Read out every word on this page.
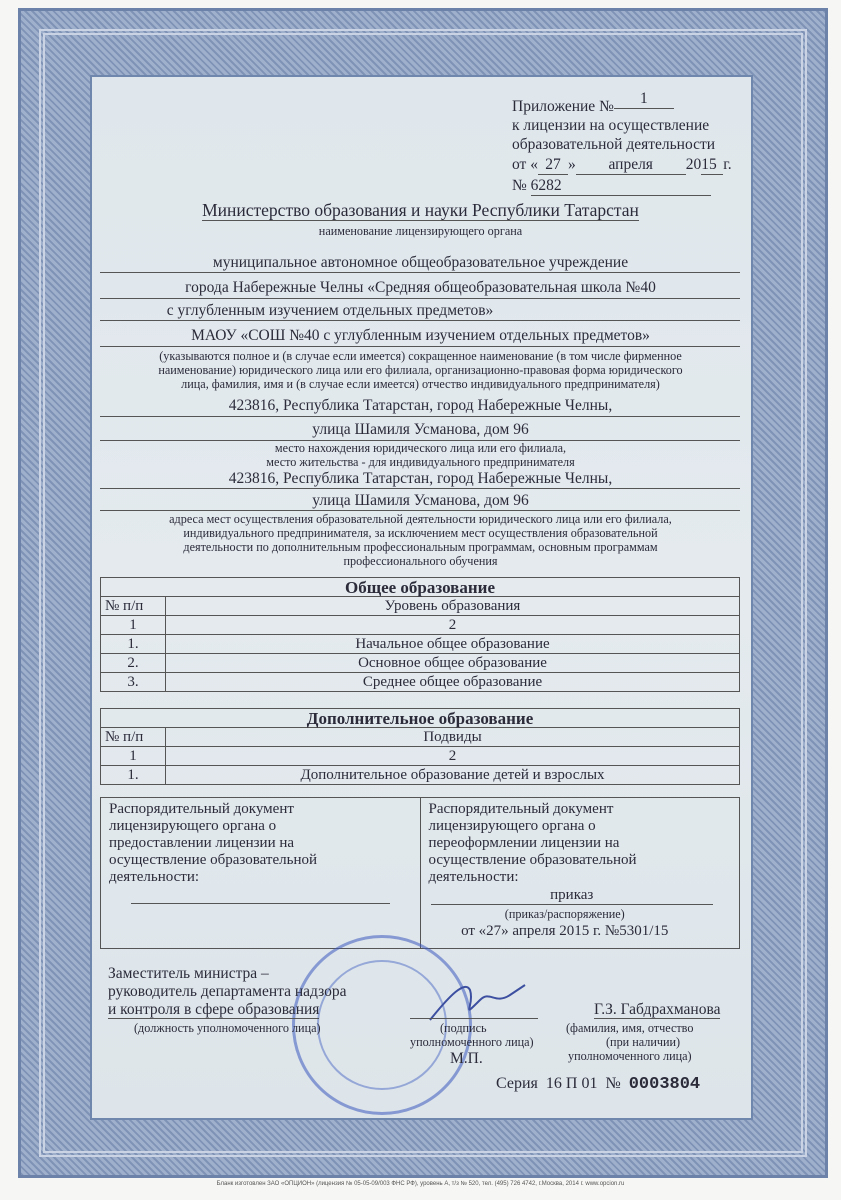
Приложение № 1
к лицензии на осуществление
образовательной деятельности
от « 27 » апреля 2015 г.
№ 6282
Министерство образования и науки Республики Татарстан
наименование лицензирующего органа
муниципальное автономное общеобразовательное учреждение
города Набережные Челны «Средняя общеобразовательная школа №40
с углубленным изучением отдельных предметов»
МАОУ «СОШ №40 с углубленным изучением отдельных предметов»
(указываются полное и (в случае если имеется) сокращенное наименование (в том числе фирменное
наименование) юридического лица или его филиала, организационно-правовая форма юридического
лица, фамилия, имя и (в случае если имеется) отчество индивидуального предпринимателя)
423816, Республика Татарстан, город Набережные Челны,
улица Шамиля Усманова, дом 96
место нахождения юридического лица или его филиала,
место жительства - для индивидуального предпринимателя
423816, Республика Татарстан, город Набережные Челны,
улица Шамиля Усманова, дом 96
адреса мест осуществления образовательной деятельности юридического лица или его филиала,
индивидуального предпринимателя, за исключением мест осуществления образовательной
деятельности по дополнительным профессиональным программам, основным программам
профессионального обучения
Общее образование	
№ п/п	Уровень образования
1	2
1.	Начальное общее образование
2.	Основное общее образование
3.	Среднее общее образование
Дополнительное образование	
№ п/п	Подвиды
1	2
1.	Дополнительное образование детей и взрослых
Распорядительный документ лицензирующего органа о предоставлении лицензии на осуществление образовательной деятельности:
Распорядительный документ лицензирующего органа о переоформлении лицензии на осуществление образовательной деятельности:
приказ
(приказ/распоряжение)
от «27» апреля 2015 г. №5301/15
Заместитель министра –
руководитель департамента надзора
и контроля в сфере образования
(должность уполномоченного лица)	(подпись
уполномоченного лица)
М.П.
Г.З. Габдрахманова
(фамилия, имя, отчество
(при наличии)
уполномоченного лица)
Серия 16 П 01 № 0003804
Бланк изготовлен ЗАО «ОПЦИОН» (лицензия № 05-05-09/003 ФНС РФ), уровень А, т/з № 520, тел. (495) 726 4742, г.Москва, 2014 г. www.opcion.ru
